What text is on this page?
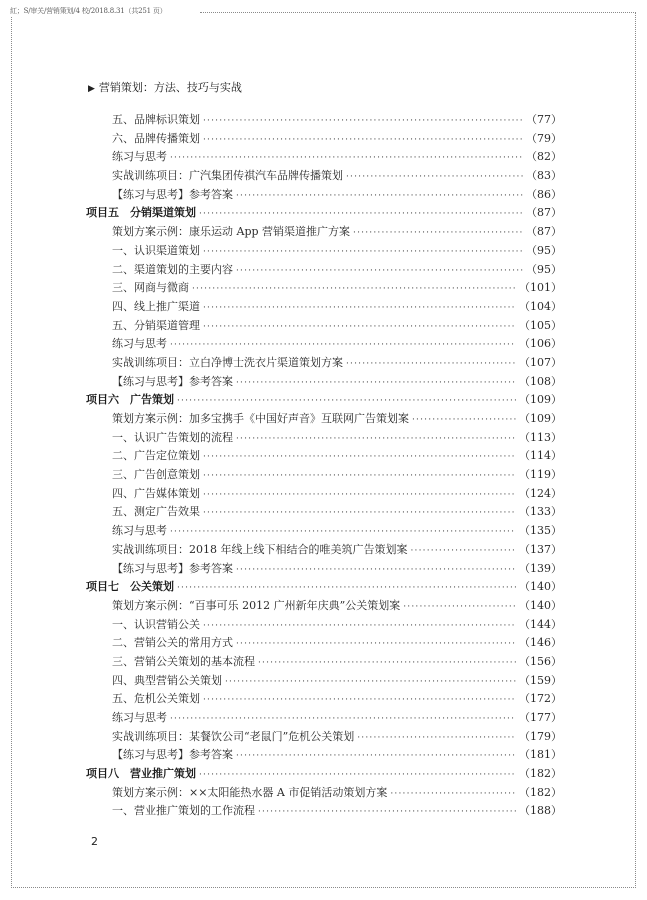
紅；S/审关/营销策划/4 校/2018.8.31（共251 页）
▶ 营销策划：方法、技巧与实战
五、品牌标识策划 ·····	（77）
六、品牌传播策划 ·····	（79）
练习与思考 ·····	（82）
实战训练项目：广汽集团传祺汽车品牌传播策划 ·····	（83）
【练习与思考】参考答案 ·····	（86）
项目五　分销渠道策划 ·····	（87）
策划方案示例：康乐运动 App 营销渠道推广方案 ·····	（87）
一、认识渠道策划 ·····	（95）
二、渠道策划的主要内容 ·····	（95）
三、网商与微商 ·····	（101）
四、线上推广渠道 ·····	（104）
五、分销渠道管理 ·····	（105）
练习与思考 ·····	（106）
实战训练项目：立白净博士洗衣片渠道策划方案 ·····	（107）
【练习与思考】参考答案 ·····	（108）
项目六　广告策划 ·····	（109）
策划方案示例：加多宝携手《中国好声音》互联网广告策划案 ·····	（109）
一、认识广告策划的流程 ·····	（113）
二、广告定位策划 ·····	（114）
三、广告创意策划 ·····	（119）
四、广告媒体策划 ·····	（124）
五、测定广告效果 ·····	（133）
练习与思考 ·····	（135）
实战训练项目：2018 年线上线下相结合的唯美筑广告策划案 ·····	（137）
【练习与思考】参考答案 ·····	（139）
项目七　公关策划 ·····	（140）
策划方案示例：“百事可乐 2012 广州新年庆典”公关策划案 ·····	（140）
一、认识营销公关 ·····	（144）
二、营销公关的常用方式 ·····	（146）
三、营销公关策划的基本流程 ·····	（156）
四、典型营销公关策划 ·····	（159）
五、危机公关策划 ·····	（172）
练习与思考 ·····	（177）
实战训练项目：某餐饮公司“老鼠门”危机公关策划 ·····	（179）
【练习与思考】参考答案 ·····	（181）
项目八　营业推广策划 ·····	（182）
策划方案示例：××太阳能热水器 A 市促销活动策划方案 ·····	（182）
一、营业推广策划的工作流程 ·····	（188）
2
